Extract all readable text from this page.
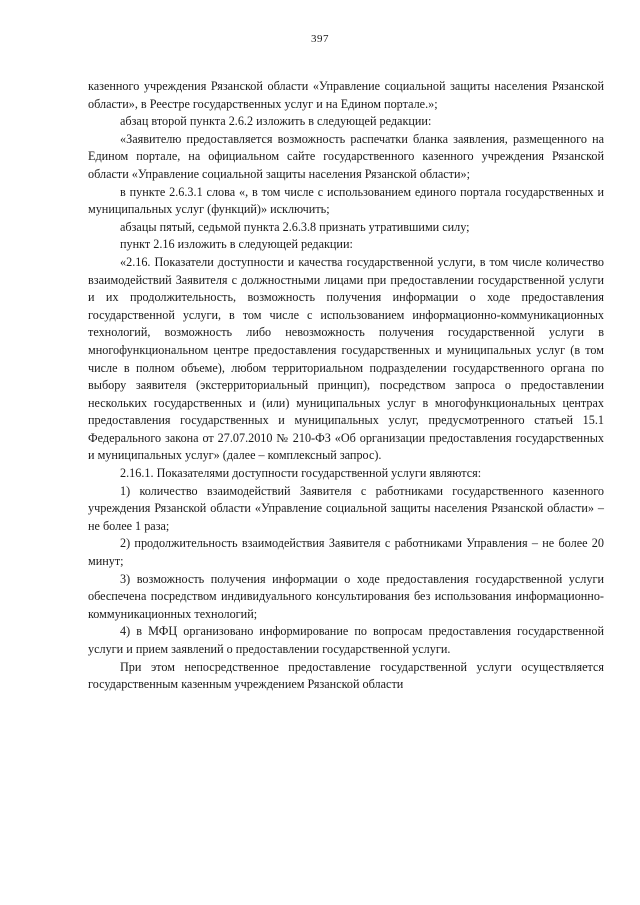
397

казенного учреждения Рязанской области «Управление социальной защиты населения Рязанской области», в Реестре государственных услуг и на Едином портале.»;

абзац второй пункта 2.6.2 изложить в следующей редакции:

«Заявителю предоставляется возможность распечатки бланка заявления, размещенного на Едином портале, на официальном сайте государственного казенного учреждения Рязанской области «Управление социальной защиты населения Рязанской области»;

в пункте 2.6.3.1 слова «, в том числе с использованием единого портала государственных и муниципальных услуг (функций)» исключить;

абзацы пятый, седьмой пункта 2.6.3.8 признать утратившими силу;

пункт 2.16 изложить в следующей редакции:

«2.16. Показатели доступности и качества государственной услуги, в том числе количество взаимодействий Заявителя с должностными лицами при предоставлении государственной услуги и их продолжительность, возможность получения информации о ходе предоставления государственной услуги, в том числе с использованием информационно-коммуникационных технологий, возможность либо невозможность получения государственной услуги в многофункциональном центре предоставления государственных и муниципальных услуг (в том числе в полном объеме), любом территориальном подразделении государственного органа по выбору заявителя (экстерриториальный принцип), посредством запроса о предоставлении нескольких государственных и (или) муниципальных услуг в многофункциональных центрах предоставления государственных и муниципальных услуг, предусмотренного статьей 15.1 Федерального закона от 27.07.2010 № 210-ФЗ «Об организации предоставления государственных и муниципальных услуг» (далее – комплексный запрос).

2.16.1. Показателями доступности государственной услуги являются:

1) количество взаимодействий Заявителя с работниками государственного казенного учреждения Рязанской области «Управление социальной защиты населения Рязанской области» – не более 1 раза;

2) продолжительность взаимодействия Заявителя с работниками Управления – не более 20 минут;

3) возможность получения информации о ходе предоставления государственной услуги обеспечена посредством индивидуального консультирования без использования информационно-коммуникационных технологий;

4) в МФЦ организовано информирование по вопросам предоставления государственной услуги и прием заявлений о предоставлении государственной услуги.

При этом непосредственное предоставление государственной услуги осуществляется государственным казенным учреждением Рязанской области
